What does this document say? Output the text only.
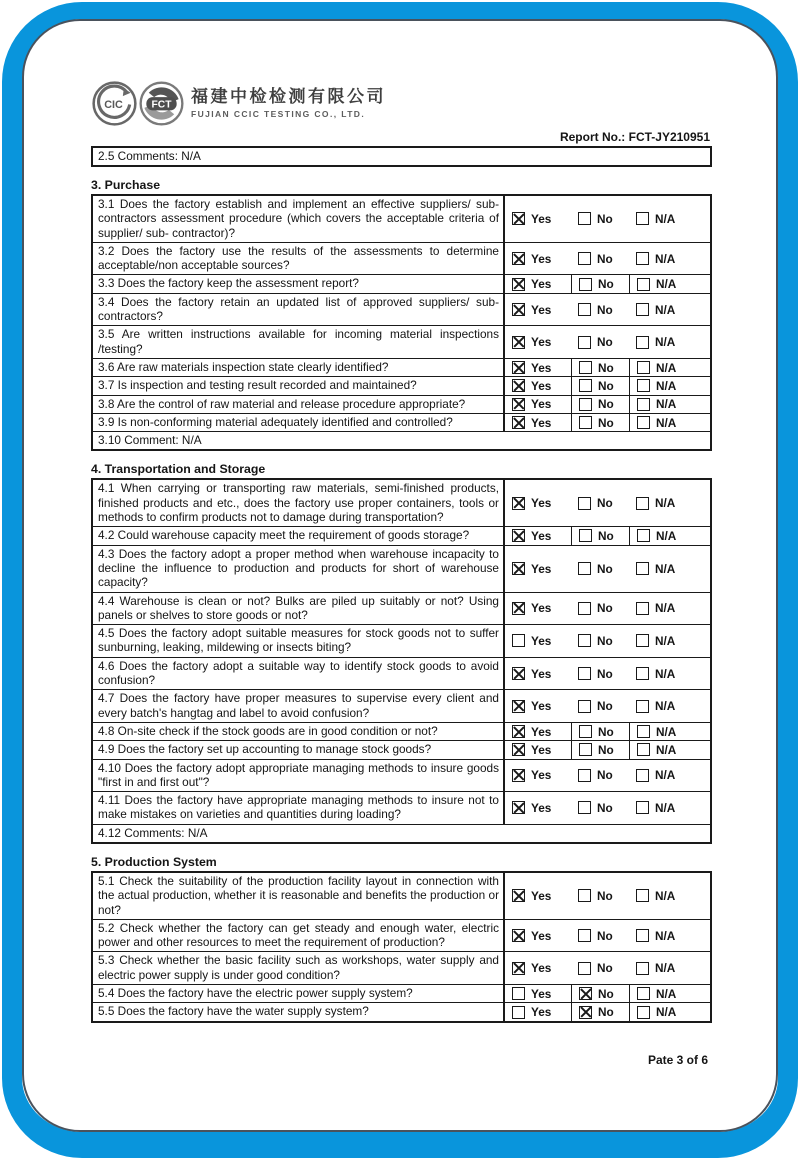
CIC	FCT 福建中检检测有限公司
FUJIAN CCIC TESTING CO., LTD.
Report No.: FCT-JY210951
2.5 Comments: N/A
3. Purchase
3.1 Does the factory establish and implement an effective suppliers/ sub-contractors assessment procedure (which covers the acceptable criteria of supplier/ sub- contractor)?
Yes	No	N/A
3.2 Does the factory use the results of the assessments to determine acceptable/non acceptable sources?	Yes	No	N/A
3.3 Does the factory keep the assessment report?	Yes	No	N/A
3.4 Does the factory retain an updated list of approved suppliers/ sub-contractors?	Yes	No	N/A
3.5 Are written instructions available for incoming material inspections /testing?	Yes	No	N/A
3.6 Are raw materials inspection state clearly identified?	Yes	No	N/A
3.7 Is inspection and testing result recorded and maintained?	Yes	No	N/A
3.8 Are the control of raw material and release procedure appropriate?	Yes	No	N/A
3.9 Is non-conforming material adequately identified and controlled?	Yes	No	N/A
3.10 Comment: N/A
4. Transportation and Storage
4.1 When carrying or transporting raw materials, semi-finished products, finished products and etc., does the factory use proper containers, tools or methods to confirm products not to damage during transportation?
Yes	No	N/A
4.2 Could warehouse capacity meet the requirement of goods storage?	Yes	No	N/A
4.3 Does the factory adopt a proper method when warehouse incapacity to decline the influence to production and products for short of warehouse capacity?
Yes	No	N/A
4.4 Warehouse is clean or not? Bulks are piled up suitably or not? Using panels or shelves to store goods or not?	Yes	No	N/A
4.5 Does the factory adopt suitable measures for stock goods not to suffer sunburning, leaking, mildewing or insects biting?	Yes	No	N/A
4.6 Does the factory adopt a suitable way to identify stock goods to avoid confusion?	Yes	No	N/A
4.7 Does the factory have proper measures to supervise every client and every batch's hangtag and label to avoid confusion?	Yes	No	N/A
4.8 On-site check if the stock goods are in good condition or not?	Yes	No	N/A
4.9 Does the factory set up accounting to manage stock goods?	Yes	No	N/A
4.10 Does the factory adopt appropriate managing methods to insure goods "first in and first out"?	Yes	No	N/A
4.11 Does the factory have appropriate managing methods to insure not to make mistakes on varieties and quantities during loading?	Yes	No	N/A
4.12 Comments: N/A
5. Production System
5.1 Check the suitability of the production facility layout in connection with the actual production, whether it is reasonable and benefits the production or not?
Yes	No	N/A
5.2 Check whether the factory can get steady and enough water, electric power and other resources to meet the requirement of production?	Yes	No	N/A
5.3 Check whether the basic facility such as workshops, water supply and electric power supply is under good condition?	Yes	No	N/A
5.4 Does the factory have the electric power supply system?	Yes	No	N/A
5.5 Does the factory have the water supply system?	Yes	No	N/A
Pate 3 of 6
